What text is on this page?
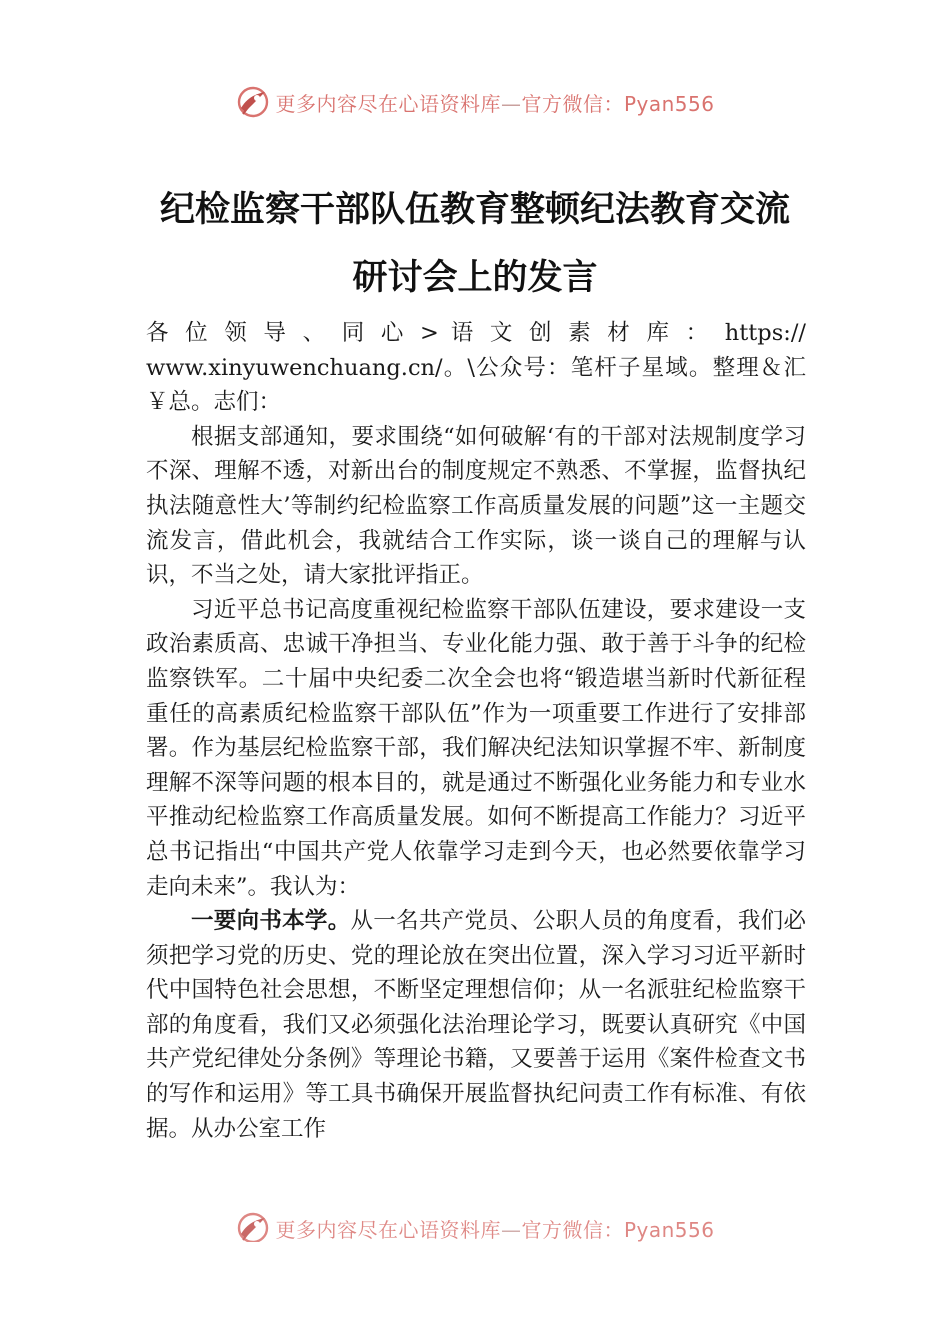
更多内容尽在心语资料库—官方微信：Pyan556
纪检监察干部队伍教育整顿纪法教育交流
研讨会上的发言

各 位 领 导 、 同 心 > 语 文 创 素 材 库 ： https://

www.xinyuwenchuang.cn/。\公众号：笔杆子星域。整理＆汇

￥总。志们：

根据支部通知，要求围绕“如何破解‘有的干部对法规制度学习不深、理解不透，对新出台的制度规定不熟悉、不掌握，监督执纪执法随意性大’等制约纪检监察工作高质量发展的问题”这一主题交流发言，借此机会，我就结合工作实际，谈一谈自己的理解与认识，不当之处，请大家批评指正。

习近平总书记高度重视纪检监察干部队伍建设，要求建设一支政治素质高、忠诚干净担当、专业化能力强、敢于善于斗争的纪检监察铁军。二十届中央纪委二次全会也将“锻造堪当新时代新征程重任的高素质纪检监察干部队伍”作为一项重要工作进行了安排部署。作为基层纪检监察干部，我们解决纪法知识掌握不牢、新制度理解不深等问题的根本目的，就是通过不断强化业务能力和专业水平推动纪检监察工作高质量发展。如何不断提高工作能力？习近平总书记指出“中国共产党人依靠学习走到今天，也必然要依靠学习走向未来”。我认为：

一要向书本学。从一名共产党员、公职人员的角度看，我们必须把学习党的历史、党的理论放在突出位置，深入学习习近平新时代中国特色社会思想，不断坚定理想信仰；从一名派驻纪检监察干部的角度看，我们又必须强化法治理论学习，既要认真研究《中国共产党纪律处分条例》等理论书籍，又要善于运用《案件检查文书的写作和运用》等工具书确保开展监督执纪问责工作有标准、有依据。从办公室工作

更多内容尽在心语资料库—官方微信：Pyan556
